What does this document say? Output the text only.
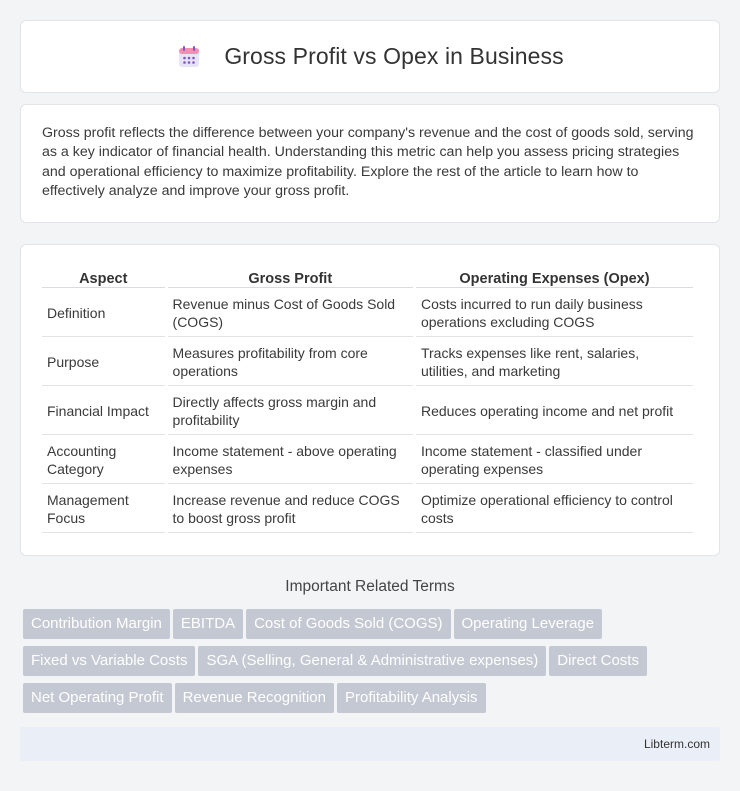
Gross Profit vs Opex in Business

Gross profit reflects the difference between your company's revenue and the cost of goods sold, serving as a key indicator of financial health. Understanding this metric can help you assess pricing strategies and operational efficiency to maximize profitability. Explore the rest of the article to learn how to effectively analyze and improve your gross profit.

Aspect	Gross Profit	Operating Expenses (Opex)
Definition	Revenue minus Cost of Goods Sold (COGS)	Costs incurred to run daily business operations excluding COGS
Purpose	Measures profitability from core operations	Tracks expenses like rent, salaries, utilities, and marketing
Financial Impact	Directly affects gross margin and profitability	Reduces operating income and net profit
Accounting Category	Income statement - above operating expenses	Income statement - classified under operating expenses
Management Focus	Increase revenue and reduce COGS to boost gross profit	Optimize operational efficiency to control costs
Important Related Terms
Contribution Margin	EBITDA	Cost of Goods Sold (COGS)	Operating Leverage
Fixed vs Variable Costs	SGA (Selling, General & Administrative expenses)	Direct Costs
Net Operating Profit	Revenue Recognition	Profitability Analysis
Libterm.com
